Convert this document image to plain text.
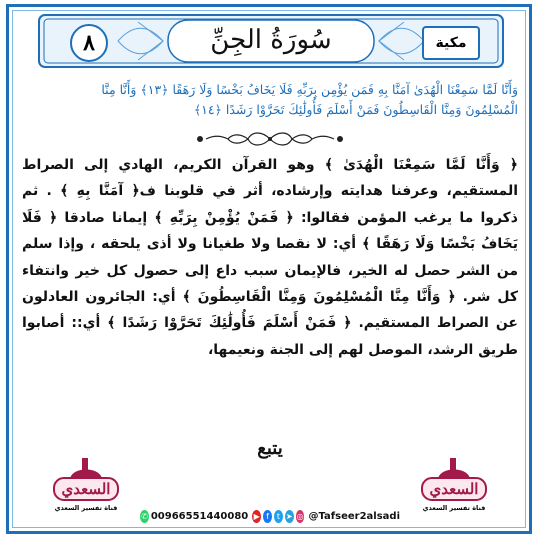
٨	سُورَةُ الجِنِّ	مكية
وَأَنَّا لَمَّا سَمِعْنَا الْهُدَىٰ آمَنَّا بِهِ فَمَن يُؤْمِن بِرَبِّهِ فَلَا يَخَافُ بَخْسًا وَلَا رَهَقًا ﴿١٣﴾ وَأَنَّا مِنَّا
الْمُسْلِمُونَ وَمِنَّا الْقَاسِطُونَ فَمَنْ أَسْلَمَ فَأُولَٰئِكَ تَحَرَّوْا رَشَدًا ﴿١٤﴾
﴿ وَأَنَّا لَمَّا سَمِعْنَا الْهُدَىٰ ﴾ وهو القرآن الكريم، الهادي إلى الصراط المستقيم، وعرفنا هدايته وإرشاده، أثر في قلوبنا ف﴿ آمَنَّا بِهِ ﴾ . ثم ذكروا ما يرغب المؤمن فقالوا: ﴿ فَمَنْ يُؤْمِنْ بِرَبِّهِ ﴾ إيمانا صادقا ﴿ فَلَا يَخَافُ بَخْسًا وَلَا رَهَقًا ﴾ أي: لا نقصا ولا طغيانا ولا أذى يلحقه ، وإذا سلم من الشر حصل له الخير، فالإيمان سبب داع إلى حصول كل خير وانتفاء كل شر. ﴿ وَأَنَّا مِنَّا الْمُسْلِمُونَ وَمِنَّا الْقَاسِطُونَ ﴾ أي: الجائرون العادلون عن الصراط المستقيم. ﴿ فَمَنْ أَسْلَمَ فَأُولَٰئِكَ تَحَرَّوْا رَشَدًا ﴾ أي:: أصابوا طريق الرشد، الموصل لهم إلى الجنة ونعيمها،
يتبع
السعدي
قناة تفسير السعدي
السعدي
قناة تفسير السعدي
✆ 00966551440080 ▶ f t ➤ ◎ @Tafseer2alsadi
